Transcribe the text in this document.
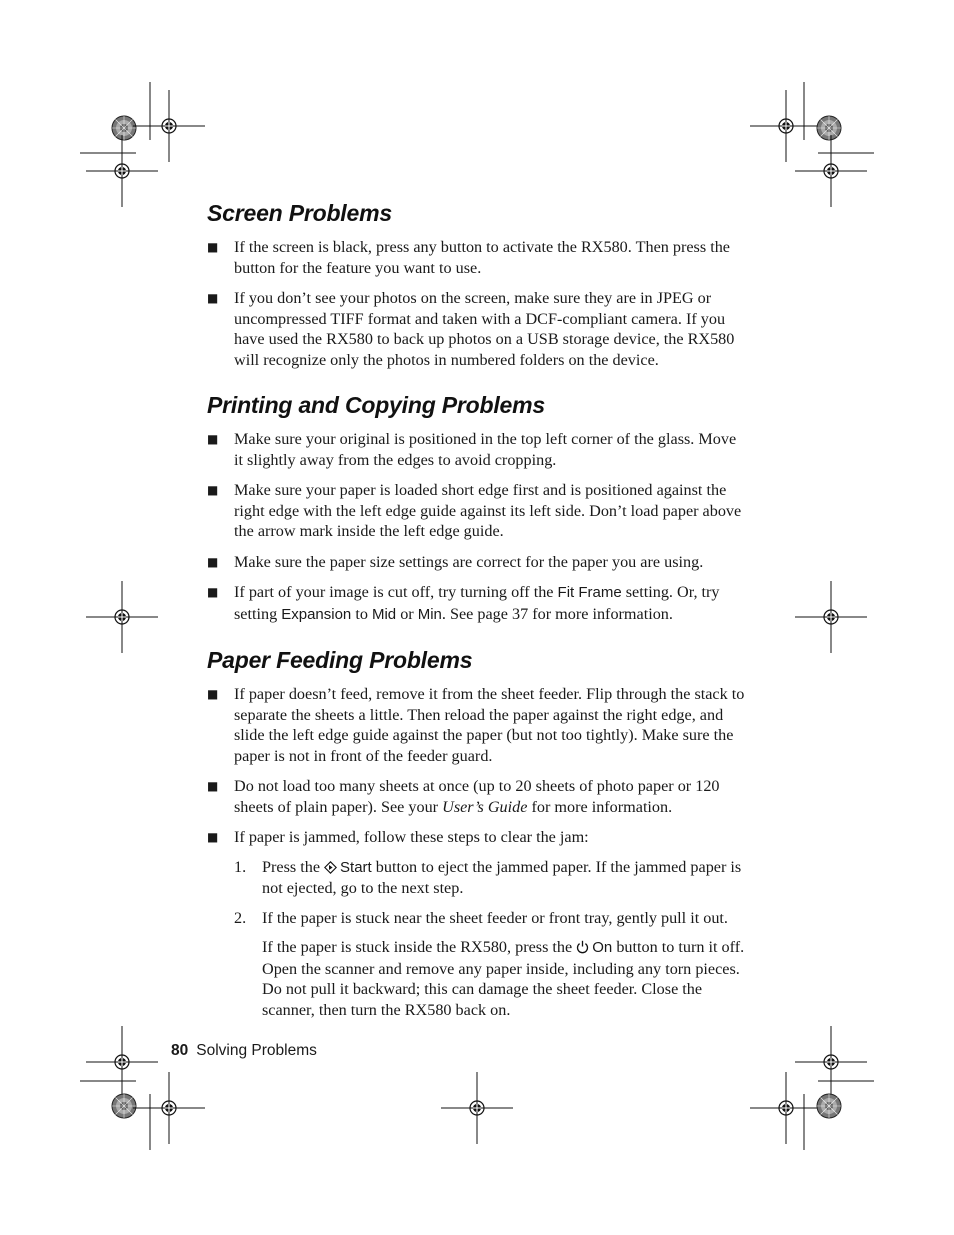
Screen Problems
■ If the screen is black, press any button to activate the RX580. Then press the button for the feature you want to use.
■ If you don’t see your photos on the screen, make sure they are in JPEG or uncompressed TIFF format and taken with a DCF-compliant camera. If you have used the RX580 to back up photos on a USB storage device, the RX580 will recognize only the photos in numbered folders on the device.
Printing and Copying Problems
■ Make sure your original is positioned in the top left corner of the glass. Move it slightly away from the edges to avoid cropping.
■ Make sure your paper is loaded short edge first and is positioned against the right edge with the left edge guide against its left side. Don’t load paper above the arrow mark inside the left edge guide.
■ Make sure the paper size settings are correct for the paper you are using.
■ If part of your image is cut off, try turning off the Fit Frame setting. Or, try setting Expansion to Mid or Min. See page 37 for more information.
Paper Feeding Problems
■ If paper doesn’t feed, remove it from the sheet feeder. Flip through the stack to separate the sheets a little. Then reload the paper against the right edge, and slide the left edge guide against the paper (but not too tightly). Make sure the paper is not in front of the feeder guard.
■ Do not load too many sheets at once (up to 20 sheets of photo paper or 120 sheets of plain paper). See your User’s Guide for more information.
■ If paper is jammed, follow these steps to clear the jam:
1. Press the Start button to eject the jammed paper. If the jammed paper is not ejected, go to the next step.
2. If the paper is stuck near the sheet feeder or front tray, gently pull it out.
If the paper is stuck inside the RX580, press the On button to turn it off. Open the scanner and remove any paper inside, including any torn pieces. Do not pull it backward; this can damage the sheet feeder. Close the scanner, then turn the RX580 back on.
80 Solving Problems
